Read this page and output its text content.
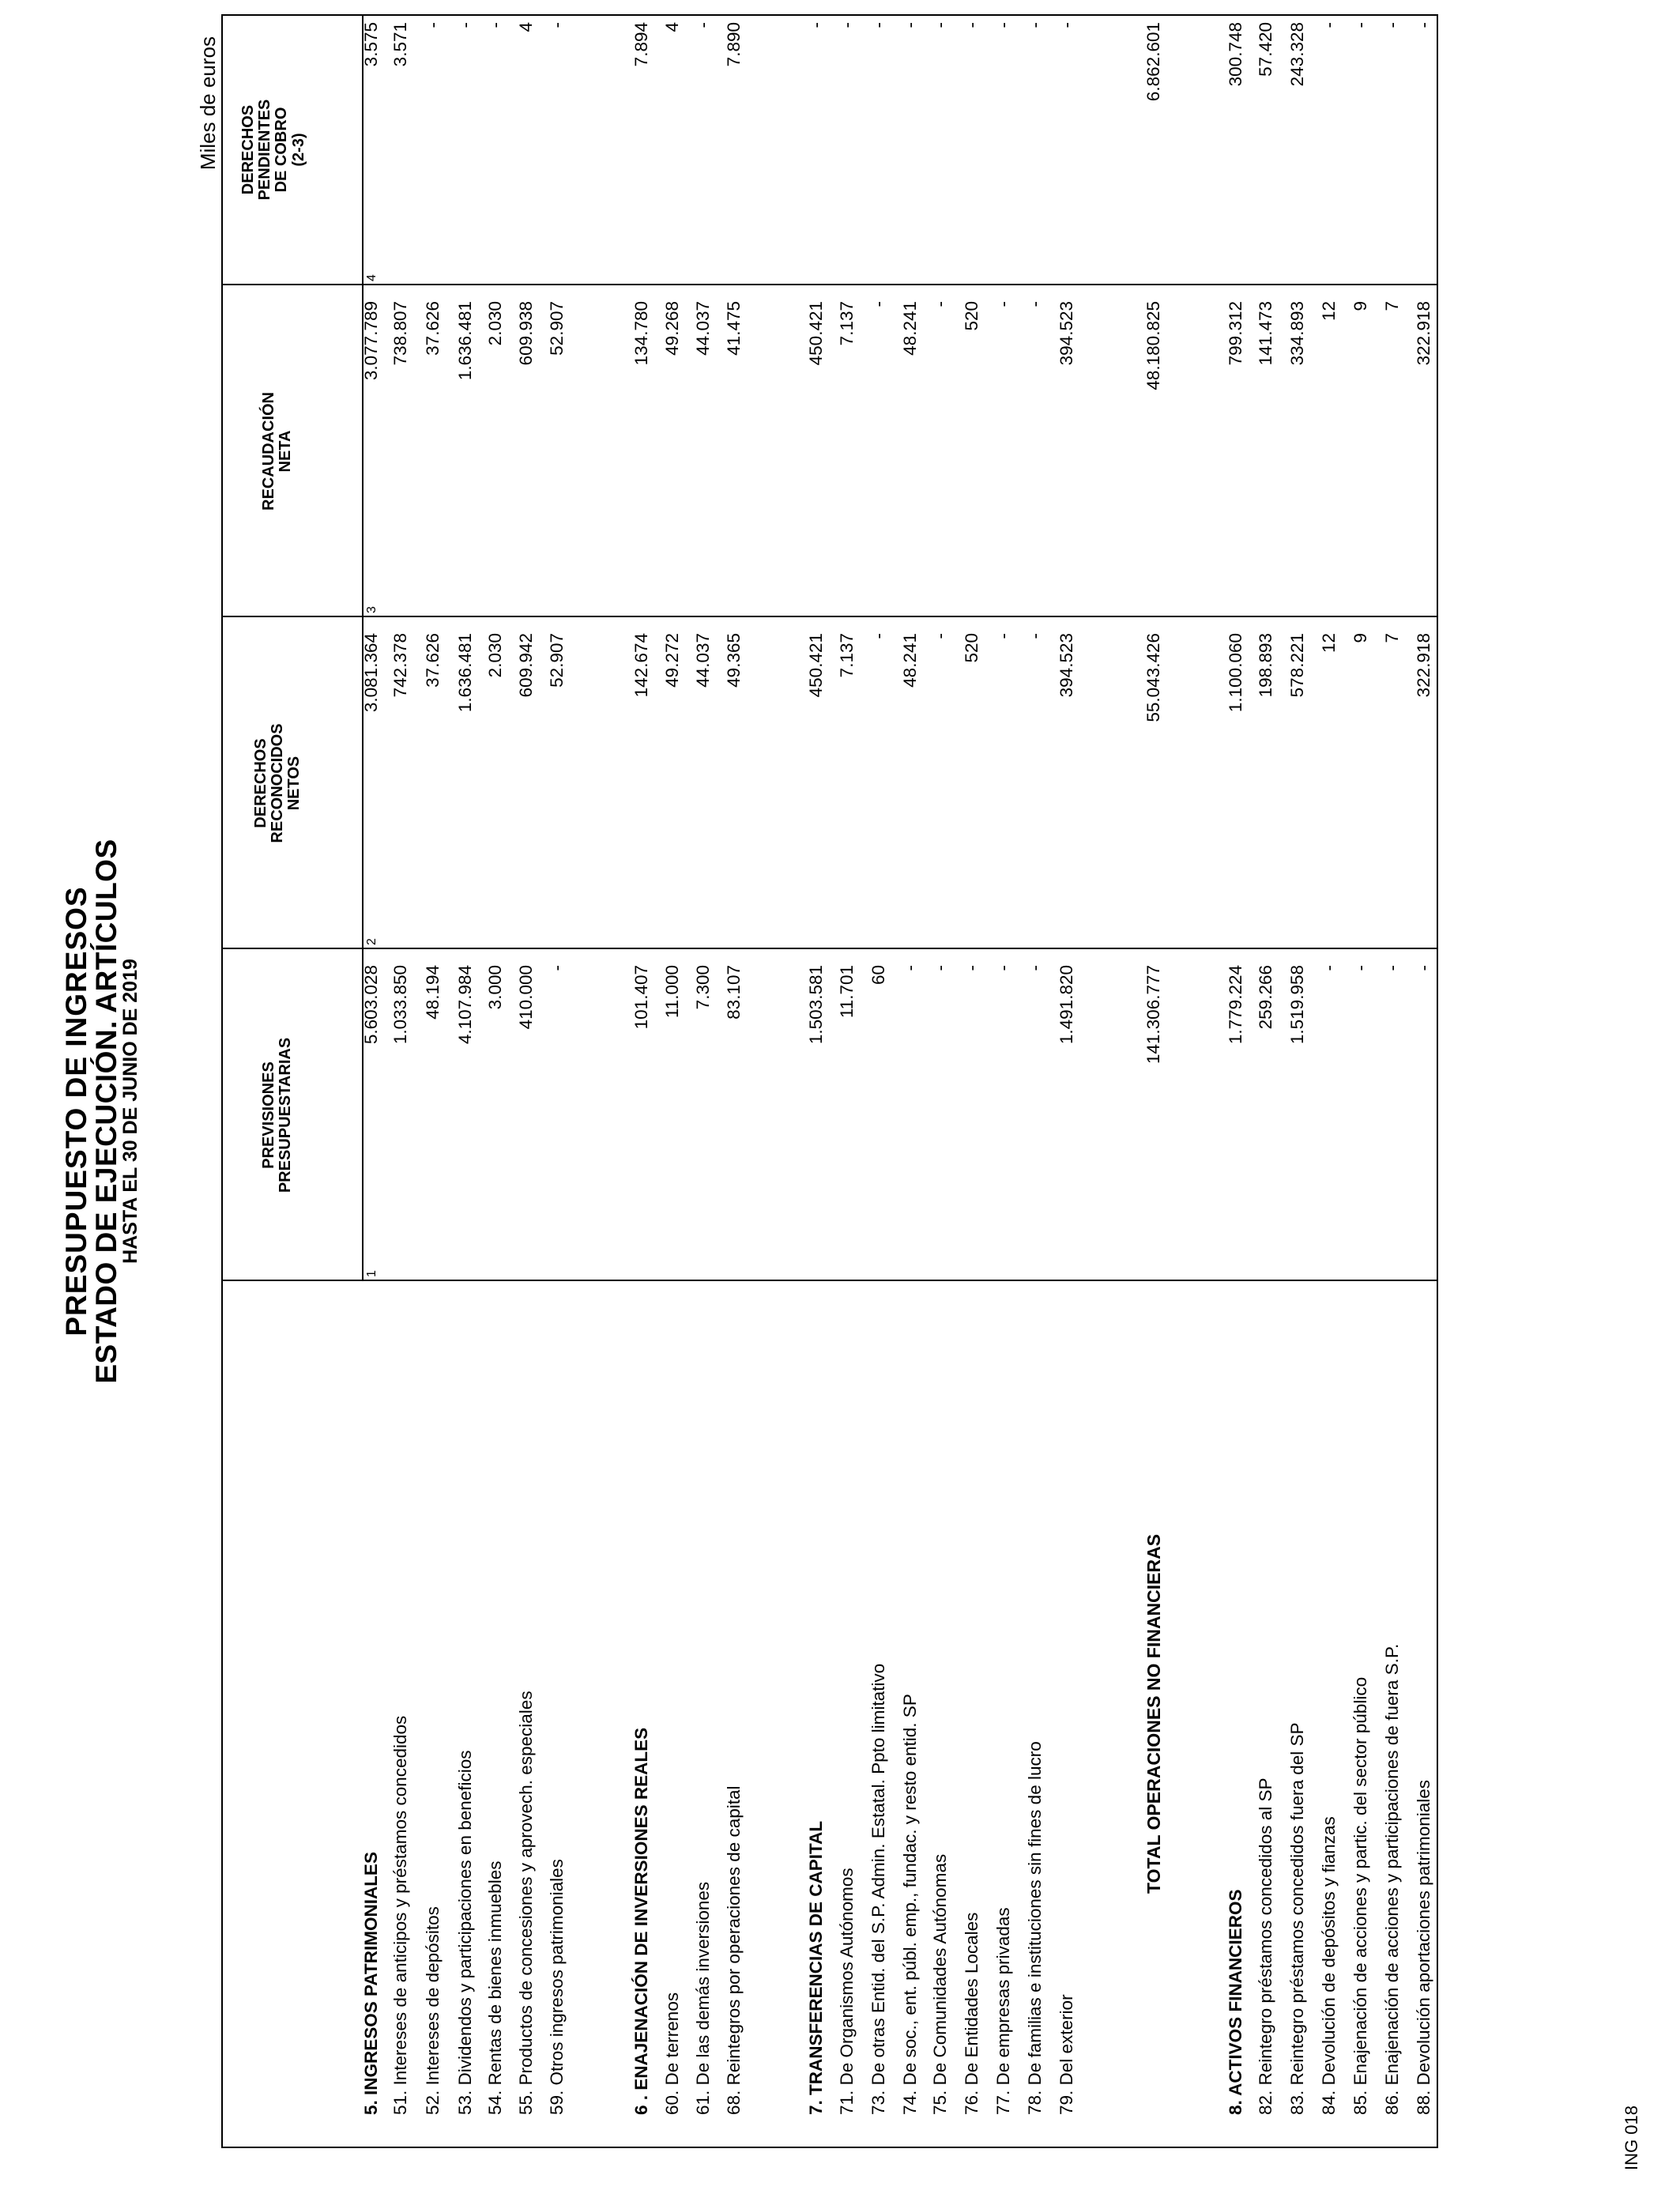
PRESUPUESTO DE INGRESOS
ESTADO DE EJECUCIÓN. ARTÍCULOS
HASTA EL 30 DE JUNIO DE 2019
Miles de euros
PREVISIONES PRESUPUESTARIAS
DERECHOS RECONOCIDOS NETOS
RECAUDACIÓN NETA
DERECHOS PENDIENTES DE COBRO (2-3)
1
2
3
4
5. INGRESOS PATRIMONIALES
5.603.028
3.081.364
3.077.789
3.575
51. Intereses de anticipos y préstamos concedidos
1.033.850
742.378
738.807
3.571
52. Intereses de depósitos
48.194
37.626
37.626
-
53. Dividendos y participaciones en beneficios
4.107.984
1.636.481
1.636.481
-
54. Rentas de bienes inmuebles
3.000
2.030
2.030
-
55. Productos de concesiones y aprovech. especiales
410.000
609.942
609.938
4
59. Otros ingresos patrimoniales
-
52.907
52.907
-
6 . ENAJENACIÓN DE INVERSIONES REALES
101.407
142.674
134.780
7.894
60. De terrenos
11.000
49.272
49.268
4
61. De las demás inversiones
7.300
44.037
44.037
-
68. Reintegros por operaciones de capital
83.107
49.365
41.475
7.890
7. TRANSFERENCIAS DE CAPITAL
1.503.581
450.421
450.421
-
71. De Organismos Autónomos
11.701
7.137
7.137
-
73. De otras Entid. del S.P. Admin. Estatal. Ppto limitativo
60
-
-
-
74. De soc., ent. públ. emp., fundac. y resto entid. SP
-
48.241
48.241
-
75. De Comunidades Autónomas
-
-
-
-
76. De Entidades Locales
-
520
520
-
77. De empresas privadas
-
-
-
-
78. De familias e instituciones sin fines de lucro
-
-
-
-
79. Del exterior
1.491.820
394.523
394.523
-
TOTAL OPERACIONES NO FINANCIERAS
141.306.777
55.043.426
48.180.825
6.862.601
8. ACTIVOS FINANCIEROS
1.779.224
1.100.060
799.312
300.748
82. Reintegro préstamos concedidos al SP
259.266
198.893
141.473
57.420
83. Reintegro préstamos concedidos fuera del SP
1.519.958
578.221
334.893
243.328
84. Devolución de depósitos y fianzas
-
12
12
-
85. Enajenación de acciones y partic. del sector público
-
9
9
-
86. Enajenación de acciones y participaciones de fuera S.P.
-
7
7
-
88. Devolución aportaciones patrimoniales
-
322.918
322.918
-
ING 018
